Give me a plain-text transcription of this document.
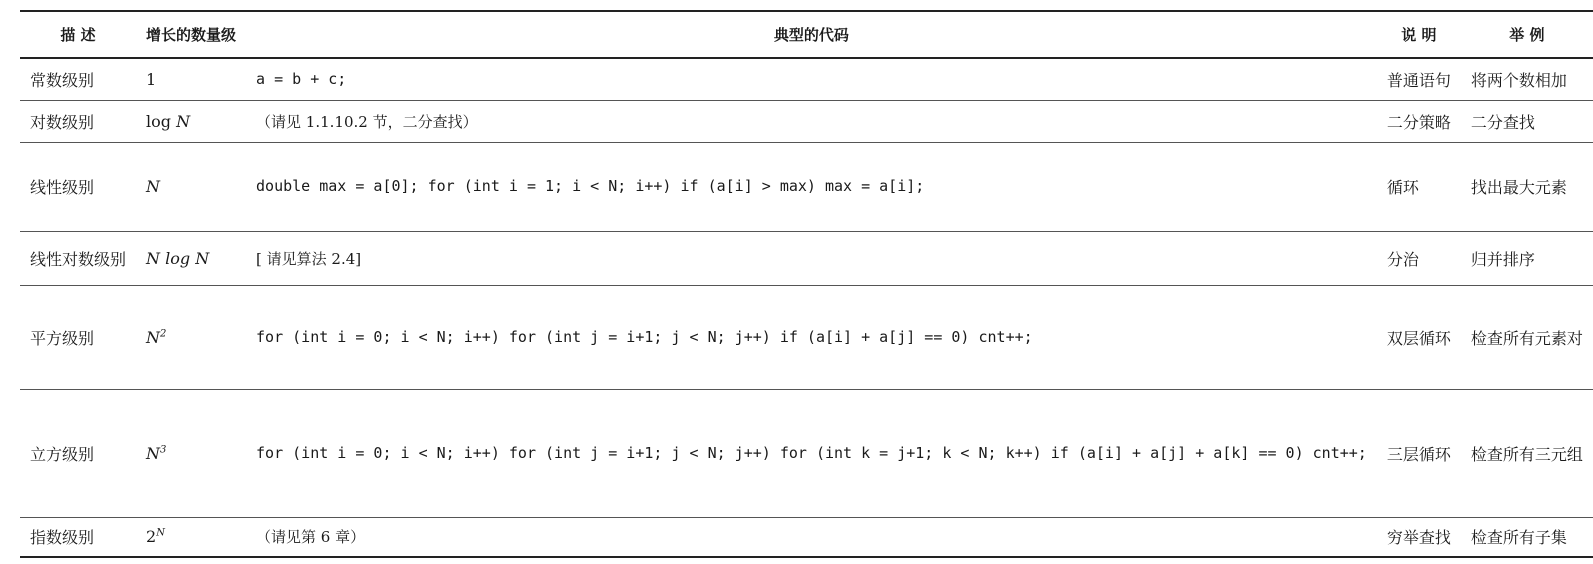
描 述	增长的数量级	典型的代码	说 明	举 例
常数级别	1	a = b + c;	普通语句	将两个数相加
对数级别	log N	（请见 1.1.10.2 节，二分查找）	二分策略	二分查找
线性级别	N	double max = a[0]; for (int i = 1; i < N; i++) if (a[i] > max) max = a[i];	循环	找出最大元素
线性对数级别	N log N	[ 请见算法 2.4]	分治	归并排序
平方级别	$N^2$	for (int i = 0; i < N; i++) for (int j = i+1; j < N; j++) if (a[i] + a[j] == 0) cnt++;	双层循环	检查所有元素对
立方级别	$N^3$	for (int i = 0; i < N; i++) for (int j = i+1; j < N; j++) for (int k = j+1; k < N; k++) if (a[i] + a[j] + a[k] == 0) cnt++;	三层循环	检查所有三元组
指数级别	$2^N$	（请见第 6 章）	穷举查找	检查所有子集
